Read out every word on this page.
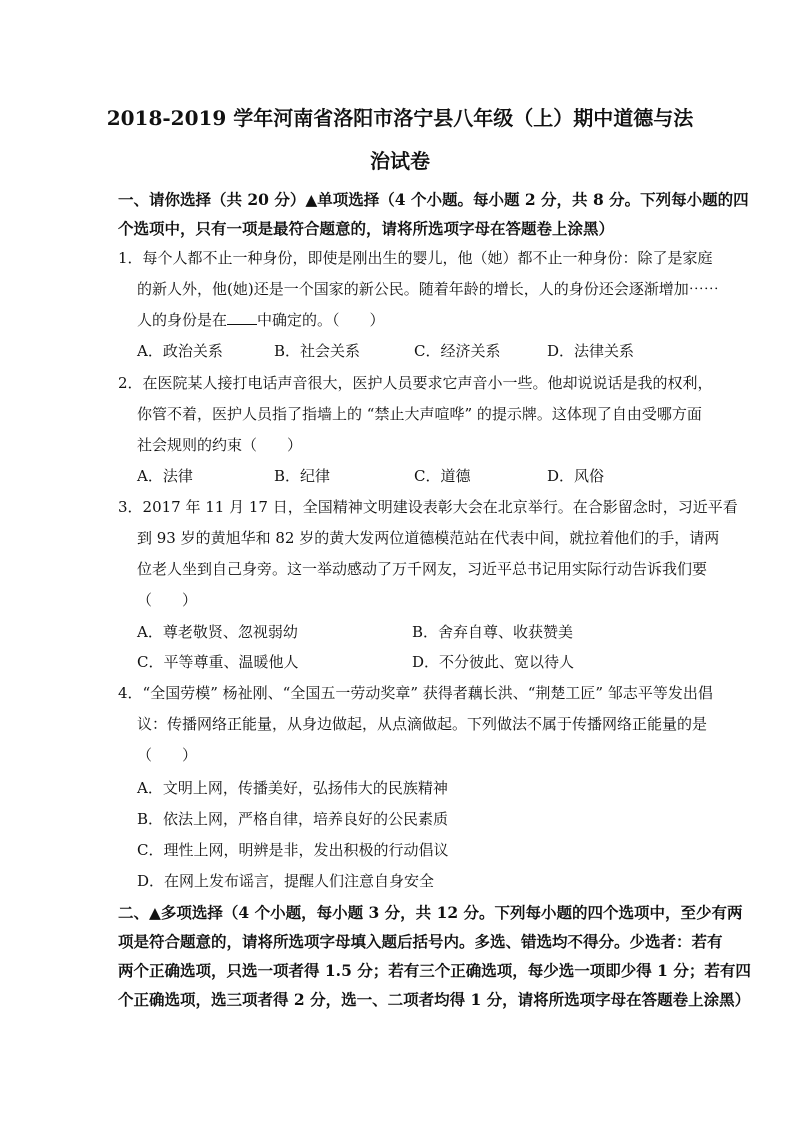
2018-2019 学年河南省洛阳市洛宁县八年级（上）期中道德与法
治试卷
一、请你选择（共 20 分）▲单项选择（4 个小题。每小题 2 分，共 8 分。下列每小题的四
个选项中，只有一项是最符合题意的，请将所选项字母在答题卷上涂黑）
1．每个人都不止一种身份，即使是刚出生的婴儿，他（她）都不止一种身份：除了是家庭
的新人外，他(她)还是一个国家的新公民。随着年龄的增长，人的身份还会逐渐增加⋯⋯
人的身份是在 中确定的。（　　）
A．政治关系	B．社会关系	C．经济关系	D．法律关系
2．在医院某人接打电话声音很大，医护人员要求它声音小一些。他却说说话是我的权利，
你管不着，医护人员指了指墙上的 “禁止大声喧哗” 的提示牌。这体现了自由受哪方面
社会规则的约束（　　）
A．法律	B．纪律	C．道德	D．风俗
3．2017 年 11 月 17 日，全国精神文明建设表彰大会在北京举行。在合影留念时，习近平看
到 93 岁的黄旭华和 82 岁的黄大发两位道德模范站在代表中间，就拉着他们的手，请两
位老人坐到自己身旁。这一举动感动了万千网友，习近平总书记用实际行动告诉我们要
（　　）
A．尊老敬贤、忽视弱幼	B．舍弃自尊、收获赞美
C．平等尊重、温暖他人	D．不分彼此、宽以待人
4．“全国劳模” 杨祉刚、“全国五一劳动奖章” 获得者藕长洪、“荆楚工匠” 邹志平等发出倡
议：传播网络正能量，从身边做起，从点滴做起。下列做法不属于传播网络正能量的是
（　　）
A．文明上网，传播美好，弘扬伟大的民族精神
B．依法上网，严格自律，培养良好的公民素质
C．理性上网，明辨是非，发出积极的行动倡议
D．在网上发布谣言，提醒人们注意自身安全
二、▲多项选择（4 个小题，每小题 3 分，共 12 分。下列每小题的四个选项中，至少有两
项是符合题意的，请将所选项字母填入题后括号内。多选、错选均不得分。少选者：若有
两个正确选项，只选一项者得 1.5 分；若有三个正确选项，每少选一项即少得 1 分；若有四
个正确选项，选三项者得 2 分，选一、二项者均得 1 分，请将所选项字母在答题卷上涂黑）
